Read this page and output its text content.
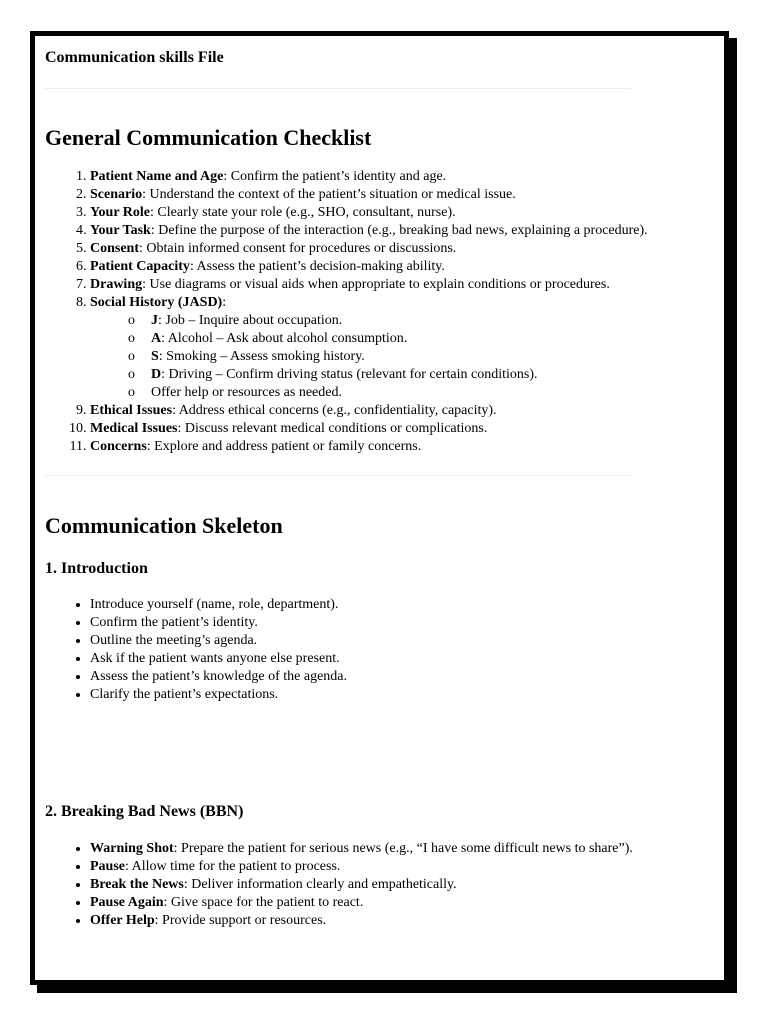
Communication skills File

General Communication Checklist
1. Patient Name and Age: Confirm the patient’s identity and age.
2. Scenario: Understand the context of the patient’s situation or medical issue.
3. Your Role: Clearly state your role (e.g., SHO, consultant, nurse).
4. Your Task: Define the purpose of the interaction (e.g., breaking bad news, explaining a procedure).
5. Consent: Obtain informed consent for procedures or discussions.
6. Patient Capacity: Assess the patient’s decision-making ability.
7. Drawing: Use diagrams or visual aids when appropriate to explain conditions or procedures.
8. Social History (JASD):
o J: Job – Inquire about occupation.
o A: Alcohol – Ask about alcohol consumption.
o S: Smoking – Assess smoking history.
o D: Driving – Confirm driving status (relevant for certain conditions).
o Offer help or resources as needed.
9. Ethical Issues: Address ethical concerns (e.g., confidentiality, capacity).
10. Medical Issues: Discuss relevant medical conditions or complications.
11. Concerns: Explore and address patient or family concerns.
Communication Skeleton
1. Introduction
• Introduce yourself (name, role, department).
• Confirm the patient’s identity.
• Outline the meeting’s agenda.
• Ask if the patient wants anyone else present.
• Assess the patient’s knowledge of the agenda.
• Clarify the patient’s expectations.
2. Breaking Bad News (BBN)
• Warning Shot: Prepare the patient for serious news (e.g., “I have some difficult news to share”).
• Pause: Allow time for the patient to process.
• Break the News: Deliver information clearly and empathetically.
• Pause Again: Give space for the patient to react.
• Offer Help: Provide support or resources.
